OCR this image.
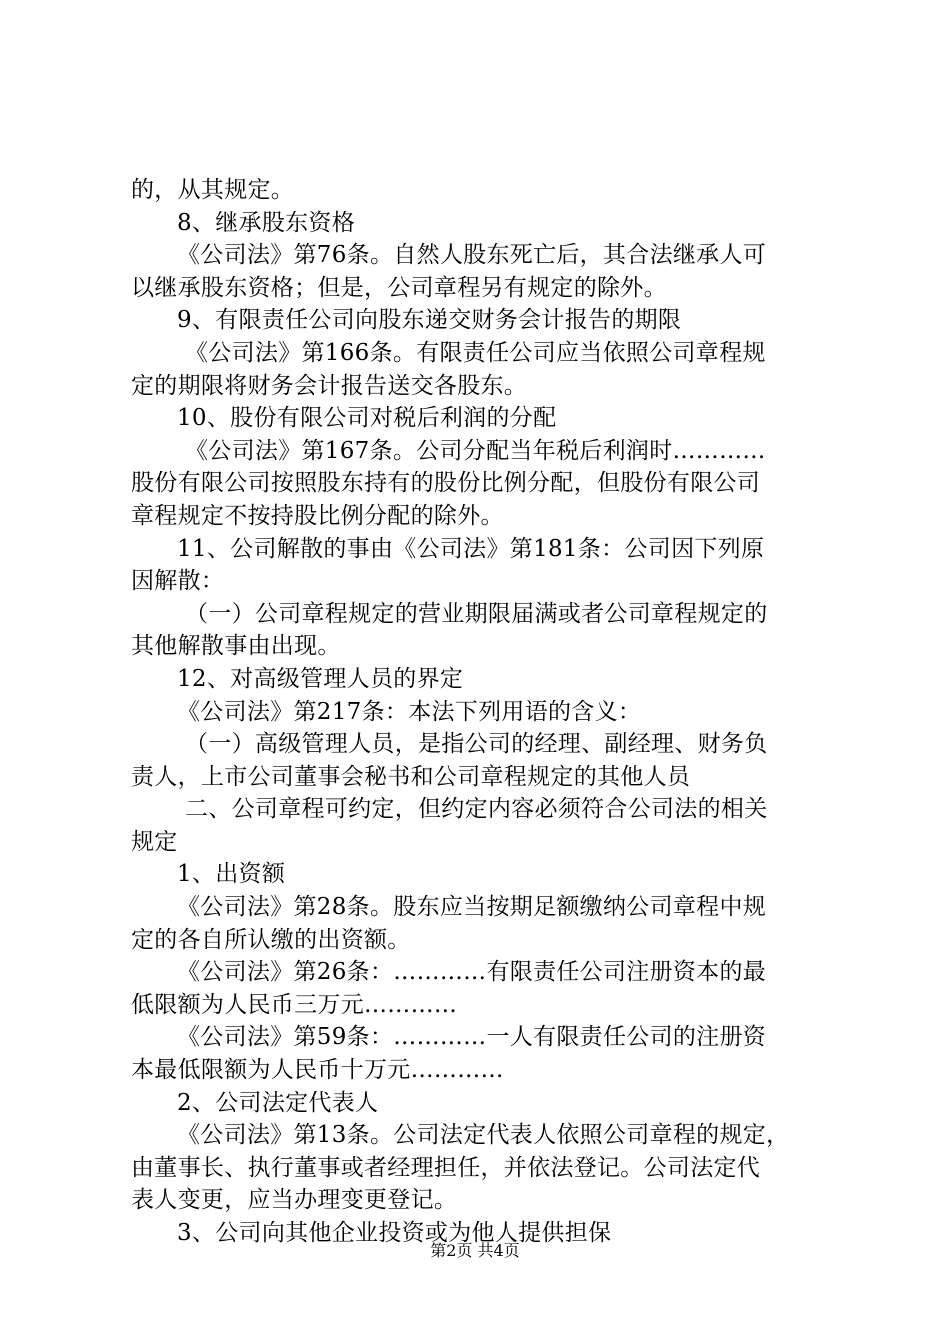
的，从其规定。
8、继承股东资格
《公司法》第76条。自然人股东死亡后，其合法继承人可
以继承股东资格；但是，公司章程另有规定的除外。
9、有限责任公司向股东递交财务会计报告的期限
《公司法》第166条。有限责任公司应当依照公司章程规
定的期限将财务会计报告送交各股东。
10、股份有限公司对税后利润的分配
《公司法》第167条。公司分配当年税后利润时…………
股份有限公司按照股东持有的股份比例分配，但股份有限公司
章程规定不按持股比例分配的除外。
11、公司解散的事由《公司法》第181条：公司因下列原
因解散：
（一）公司章程规定的营业期限届满或者公司章程规定的
其他解散事由出现。
12、对高级管理人员的界定
《公司法》第217条：本法下列用语的含义：
（一）高级管理人员，是指公司的经理、副经理、财务负
责人，上市公司董事会秘书和公司章程规定的其他人员
二、公司章程可约定，但约定内容必须符合公司法的相关
规定
1、出资额
《公司法》第28条。股东应当按期足额缴纳公司章程中规
定的各自所认缴的出资额。
《公司法》第26条：…………有限责任公司注册资本的最
低限额为人民币三万元…………
《公司法》第59条：…………一人有限责任公司的注册资
本最低限额为人民币十万元…………
2、公司法定代表人
《公司法》第13条。公司法定代表人依照公司章程的规定，
由董事长、执行董事或者经理担任，并依法登记。公司法定代
表人变更，应当办理变更登记。
3、公司向其他企业投资或为他人提供担保
第2页 共4页
